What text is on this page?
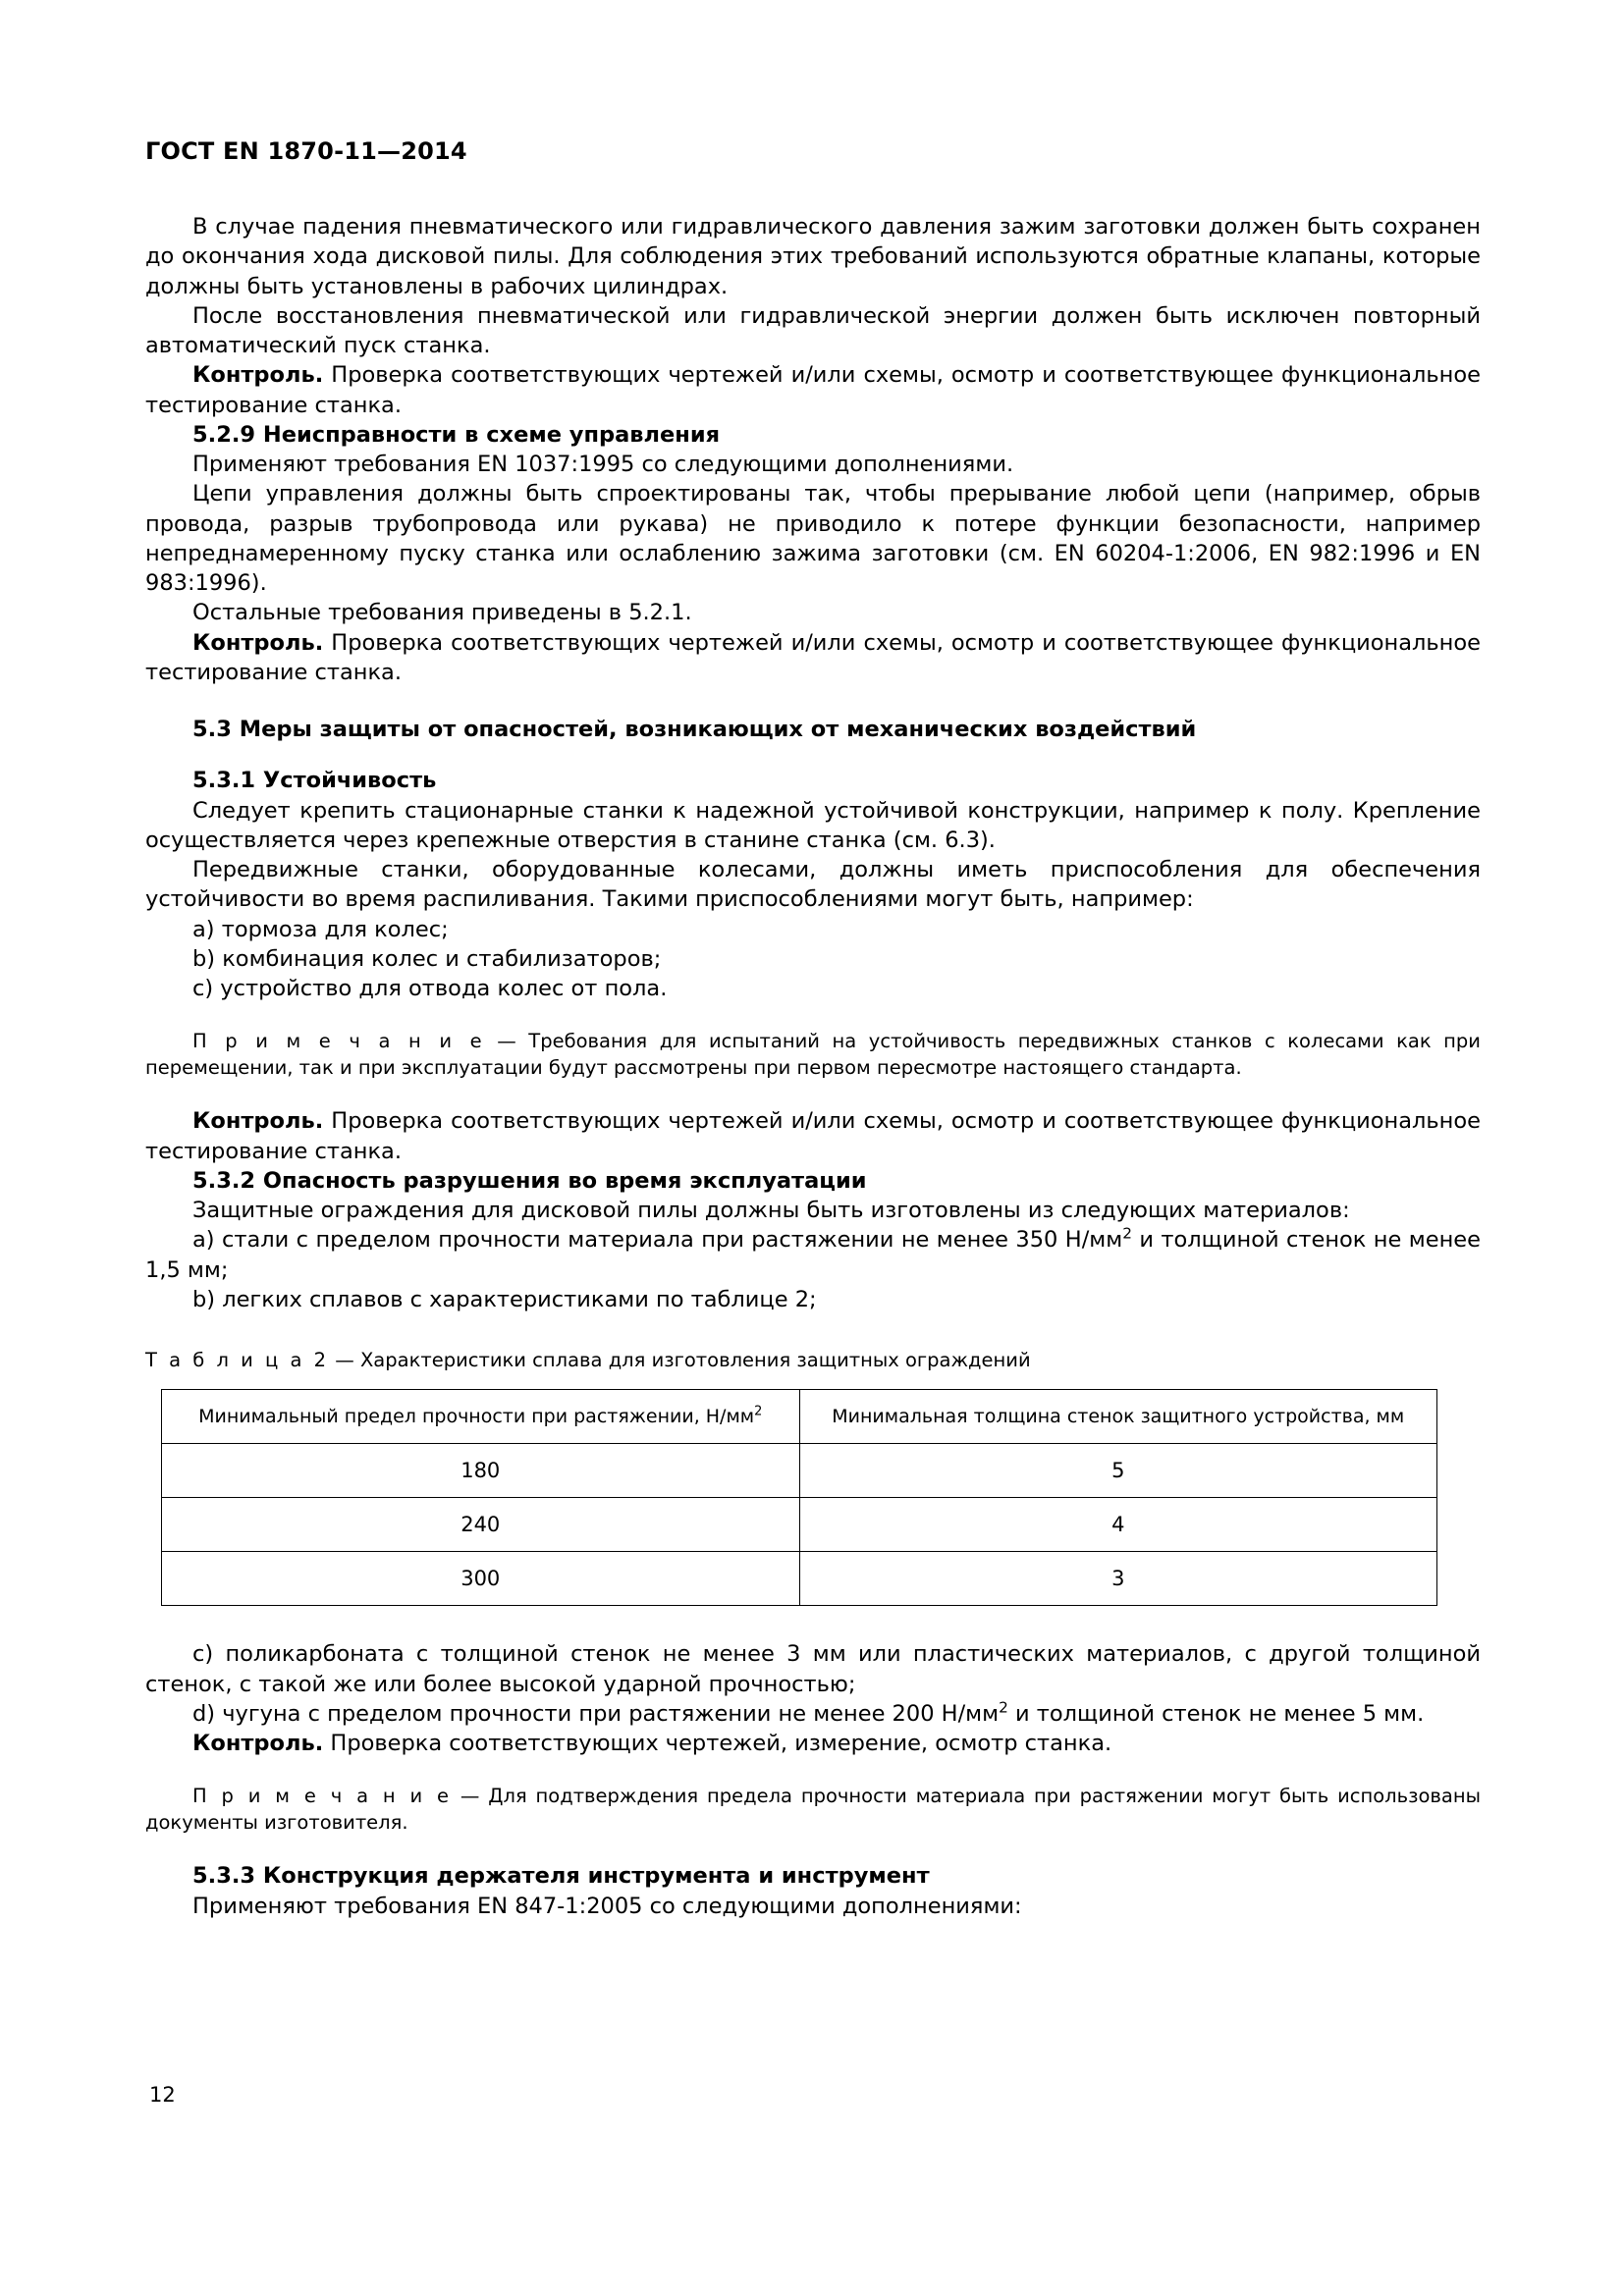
ГОСТ EN 1870-11—2014

В случае падения пневматического или гидравлического давления зажим заготовки должен быть сохранен до окончания хода дисковой пилы. Для соблюдения этих требований используются обратные клапаны, которые должны быть установлены в рабочих цилиндрах.

После восстановления пневматической или гидравлической энергии должен быть исключен повторный автоматический пуск станка.

Контроль. Проверка соответствующих чертежей и/или схемы, осмотр и соответствующее функциональное тестирование станка.

5.2.9 Неисправности в схеме управления

Применяют требования EN 1037:1995 со следующими дополнениями.

Цепи управления должны быть спроектированы так, чтобы прерывание любой цепи (например, обрыв провода, разрыв трубопровода или рукава) не приводило к потере функции безопасности, например непреднамеренному пуску станка или ослаблению зажима заготовки (см. EN 60204-1:2006, EN 982:1996 и EN 983:1996).

Остальные требования приведены в 5.2.1.

Контроль. Проверка соответствующих чертежей и/или схемы, осмотр и соответствующее функциональное тестирование станка.

5.3 Меры защиты от опасностей, возникающих от механических воздействий

5.3.1 Устойчивость

Следует крепить стационарные станки к надежной устойчивой конструкции, например к полу. Крепление осуществляется через крепежные отверстия в станине станка (см. 6.3).

Передвижные станки, оборудованные колесами, должны иметь приспособления для обеспечения устойчивости во время распиливания. Такими приспособлениями могут быть, например:

a) тормоза для колес;

b) комбинация колес и стабилизаторов;

c) устройство для отвода колес от пола.

П р и м е ч а н и е — Требования для испытаний на устойчивость передвижных станков с колесами как при перемещении, так и при эксплуатации будут рассмотрены при первом пересмотре настоящего стандарта.

Контроль. Проверка соответствующих чертежей и/или схемы, осмотр и соответствующее функциональное тестирование станка.

5.3.2 Опасность разрушения во время эксплуатации

Защитные ограждения для дисковой пилы должны быть изготовлены из следующих материалов:

a) стали с пределом прочности материала при растяжении не менее 350 $Н/мм^2$ и толщиной стенок не менее 1,5 мм;

b) легких сплавов с характеристиками по таблице 2;

Т а б л и ц а 2 — Характеристики сплава для изготовления защитных ограждений

Минимальный предел прочности при растяжении, $Н/мм^2$	Минимальная толщина стенок защитного устройства, мм
180	5
240	4
300	3

c) поликарбоната с толщиной стенок не менее 3 мм или пластических материалов, с другой толщиной стенок, с такой же или более высокой ударной прочностью;

d) чугуна с пределом прочности при растяжении не менее 200 $Н/мм^2$ и толщиной стенок не менее 5 мм.

Контроль. Проверка соответствующих чертежей, измерение, осмотр станка.

П р и м е ч а н и е — Для подтверждения предела прочности материала при растяжении могут быть использованы документы изготовителя.

5.3.3 Конструкция держателя инструмента и инструмент

Применяют требования EN 847-1:2005 со следующими дополнениями:

12
